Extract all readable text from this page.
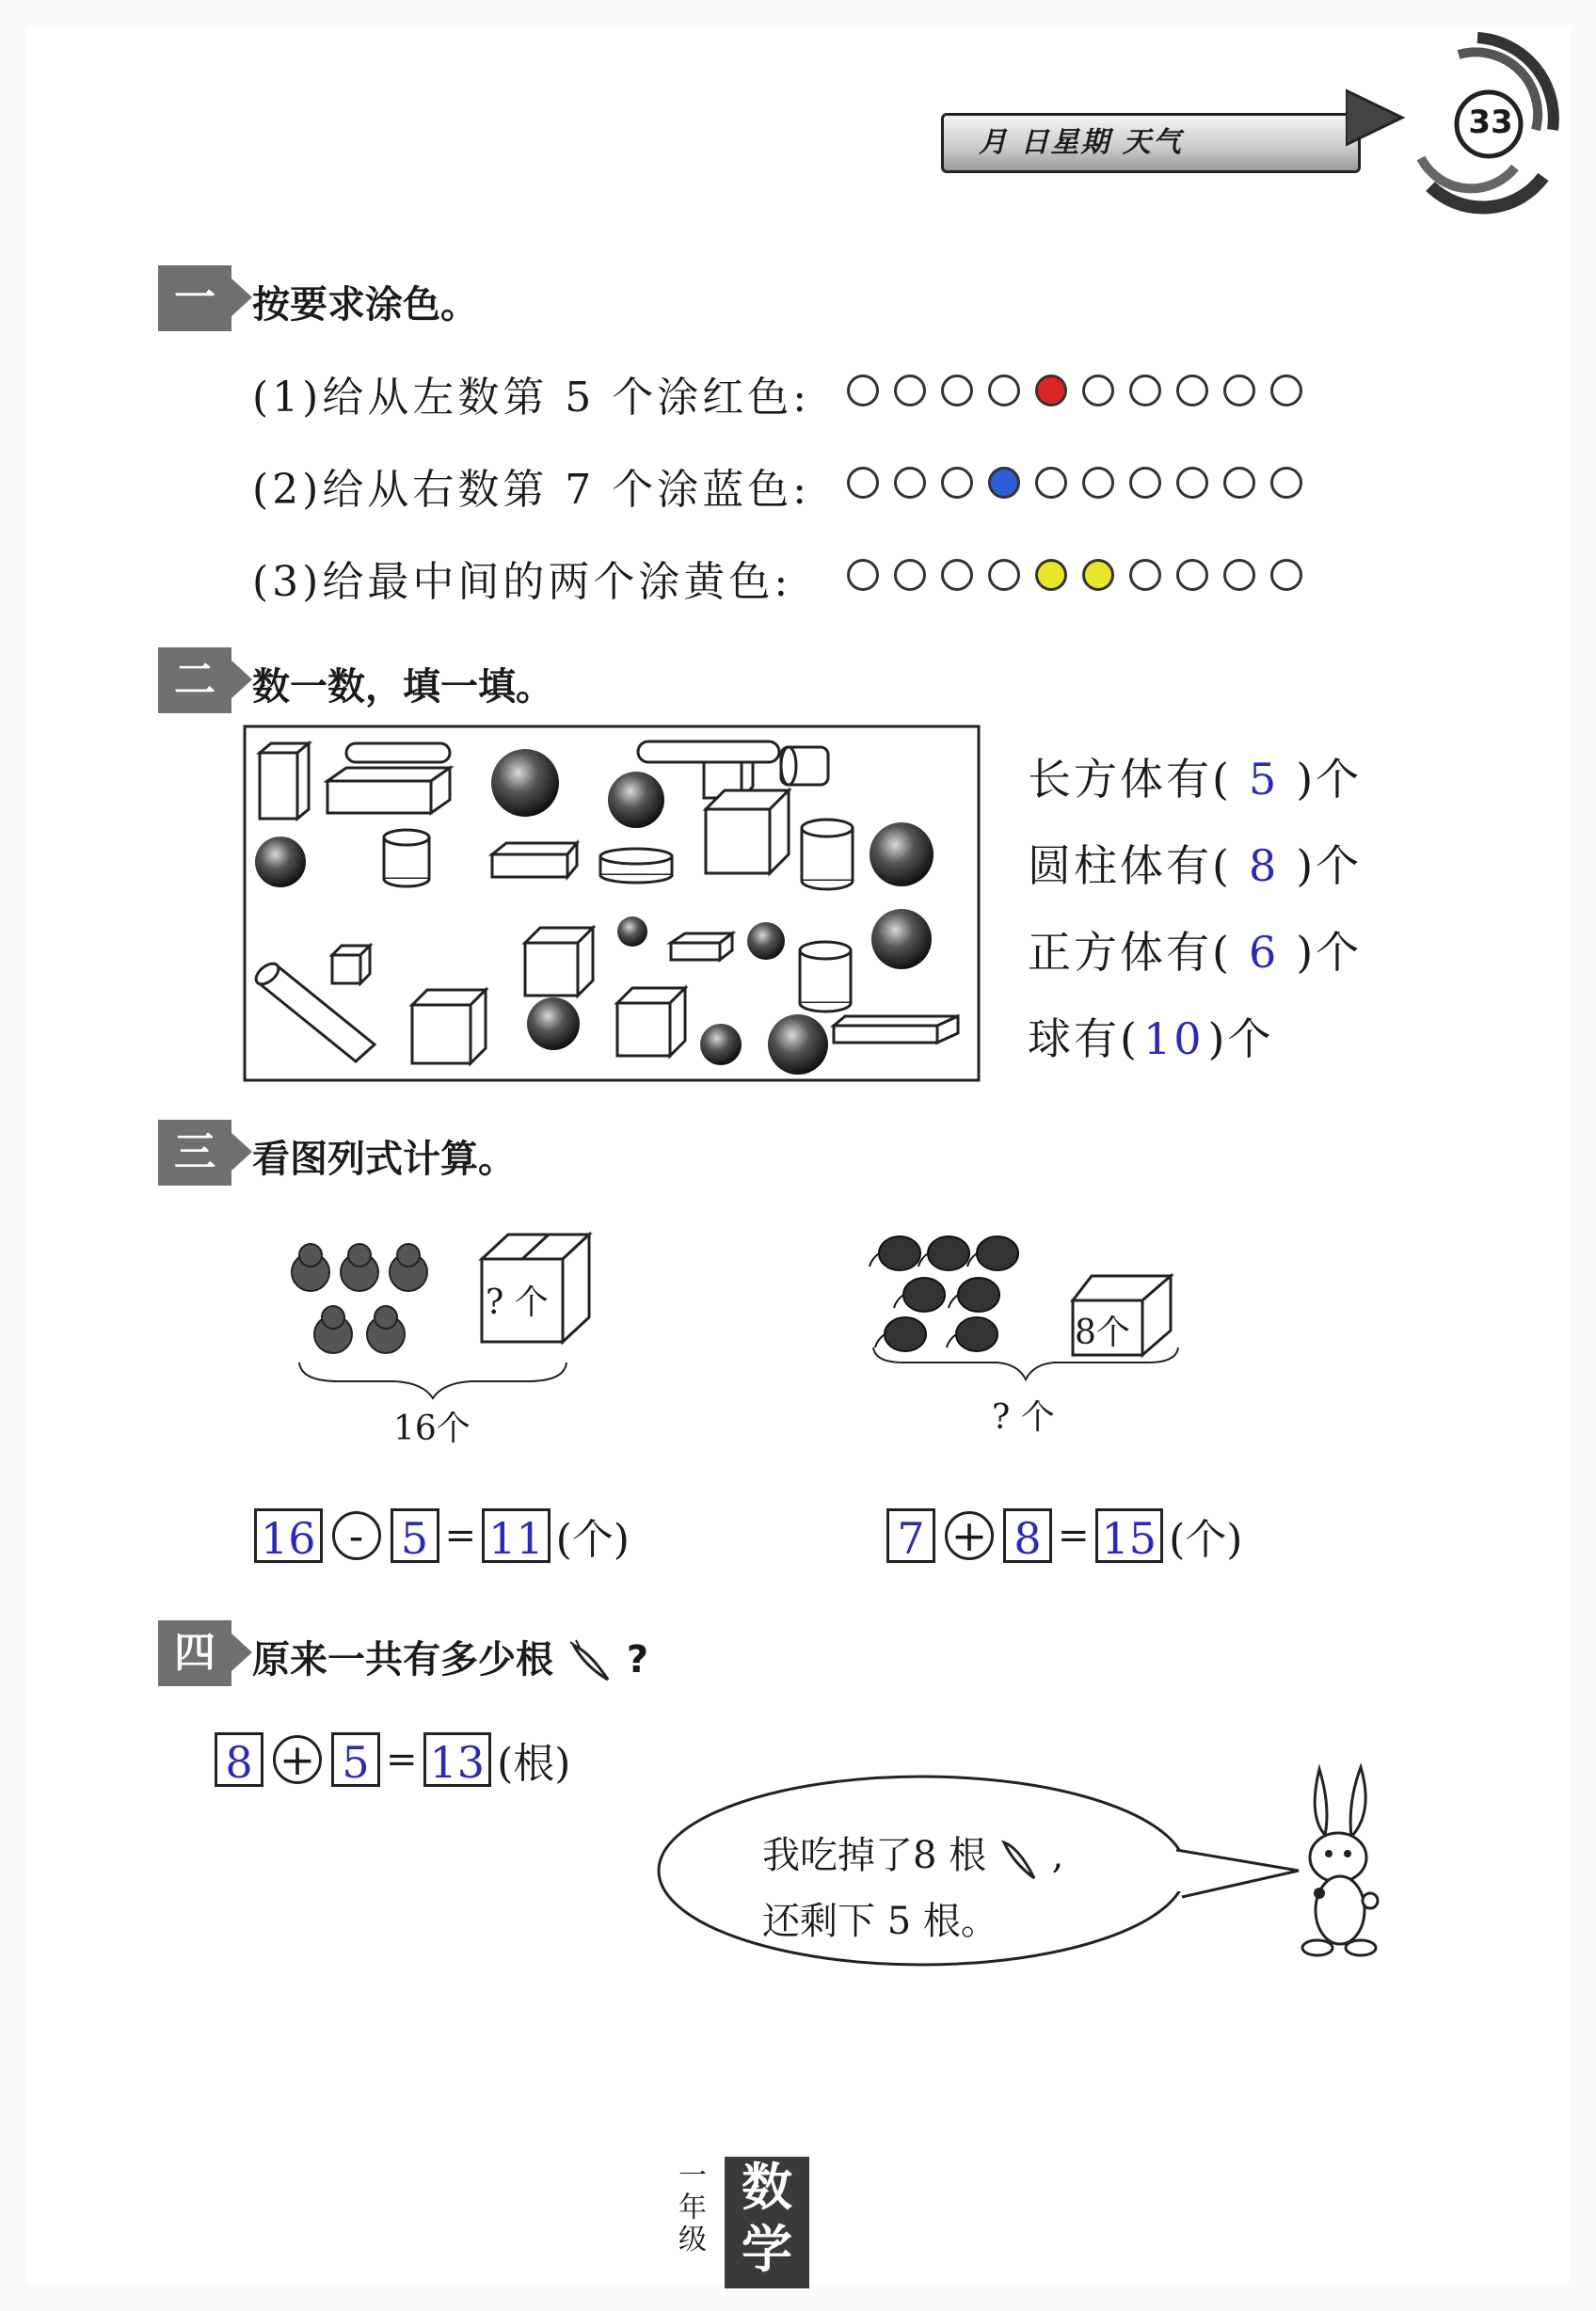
月 日星期 天气
33
一 按要求涂色。
(1)给从左数第 5 个涂红色:
(2)给从右数第 7 个涂蓝色:
(3)给最中间的两个涂黄色:
二 数一数，填一填。
长方体有( 5 )个
圆柱体有( 8 )个
正方体有( 6 )个
球有(10)个
三 看图列式计算。
? 个
16个
8个
? 个
16 - 5 = 11 (个)	7 + 8 = 15 (个)
四 原来一共有多少根 ?
8 + 5 = 13 (根)
我吃掉了8 根 ,
还剩下 5 根。
一年级
数学
